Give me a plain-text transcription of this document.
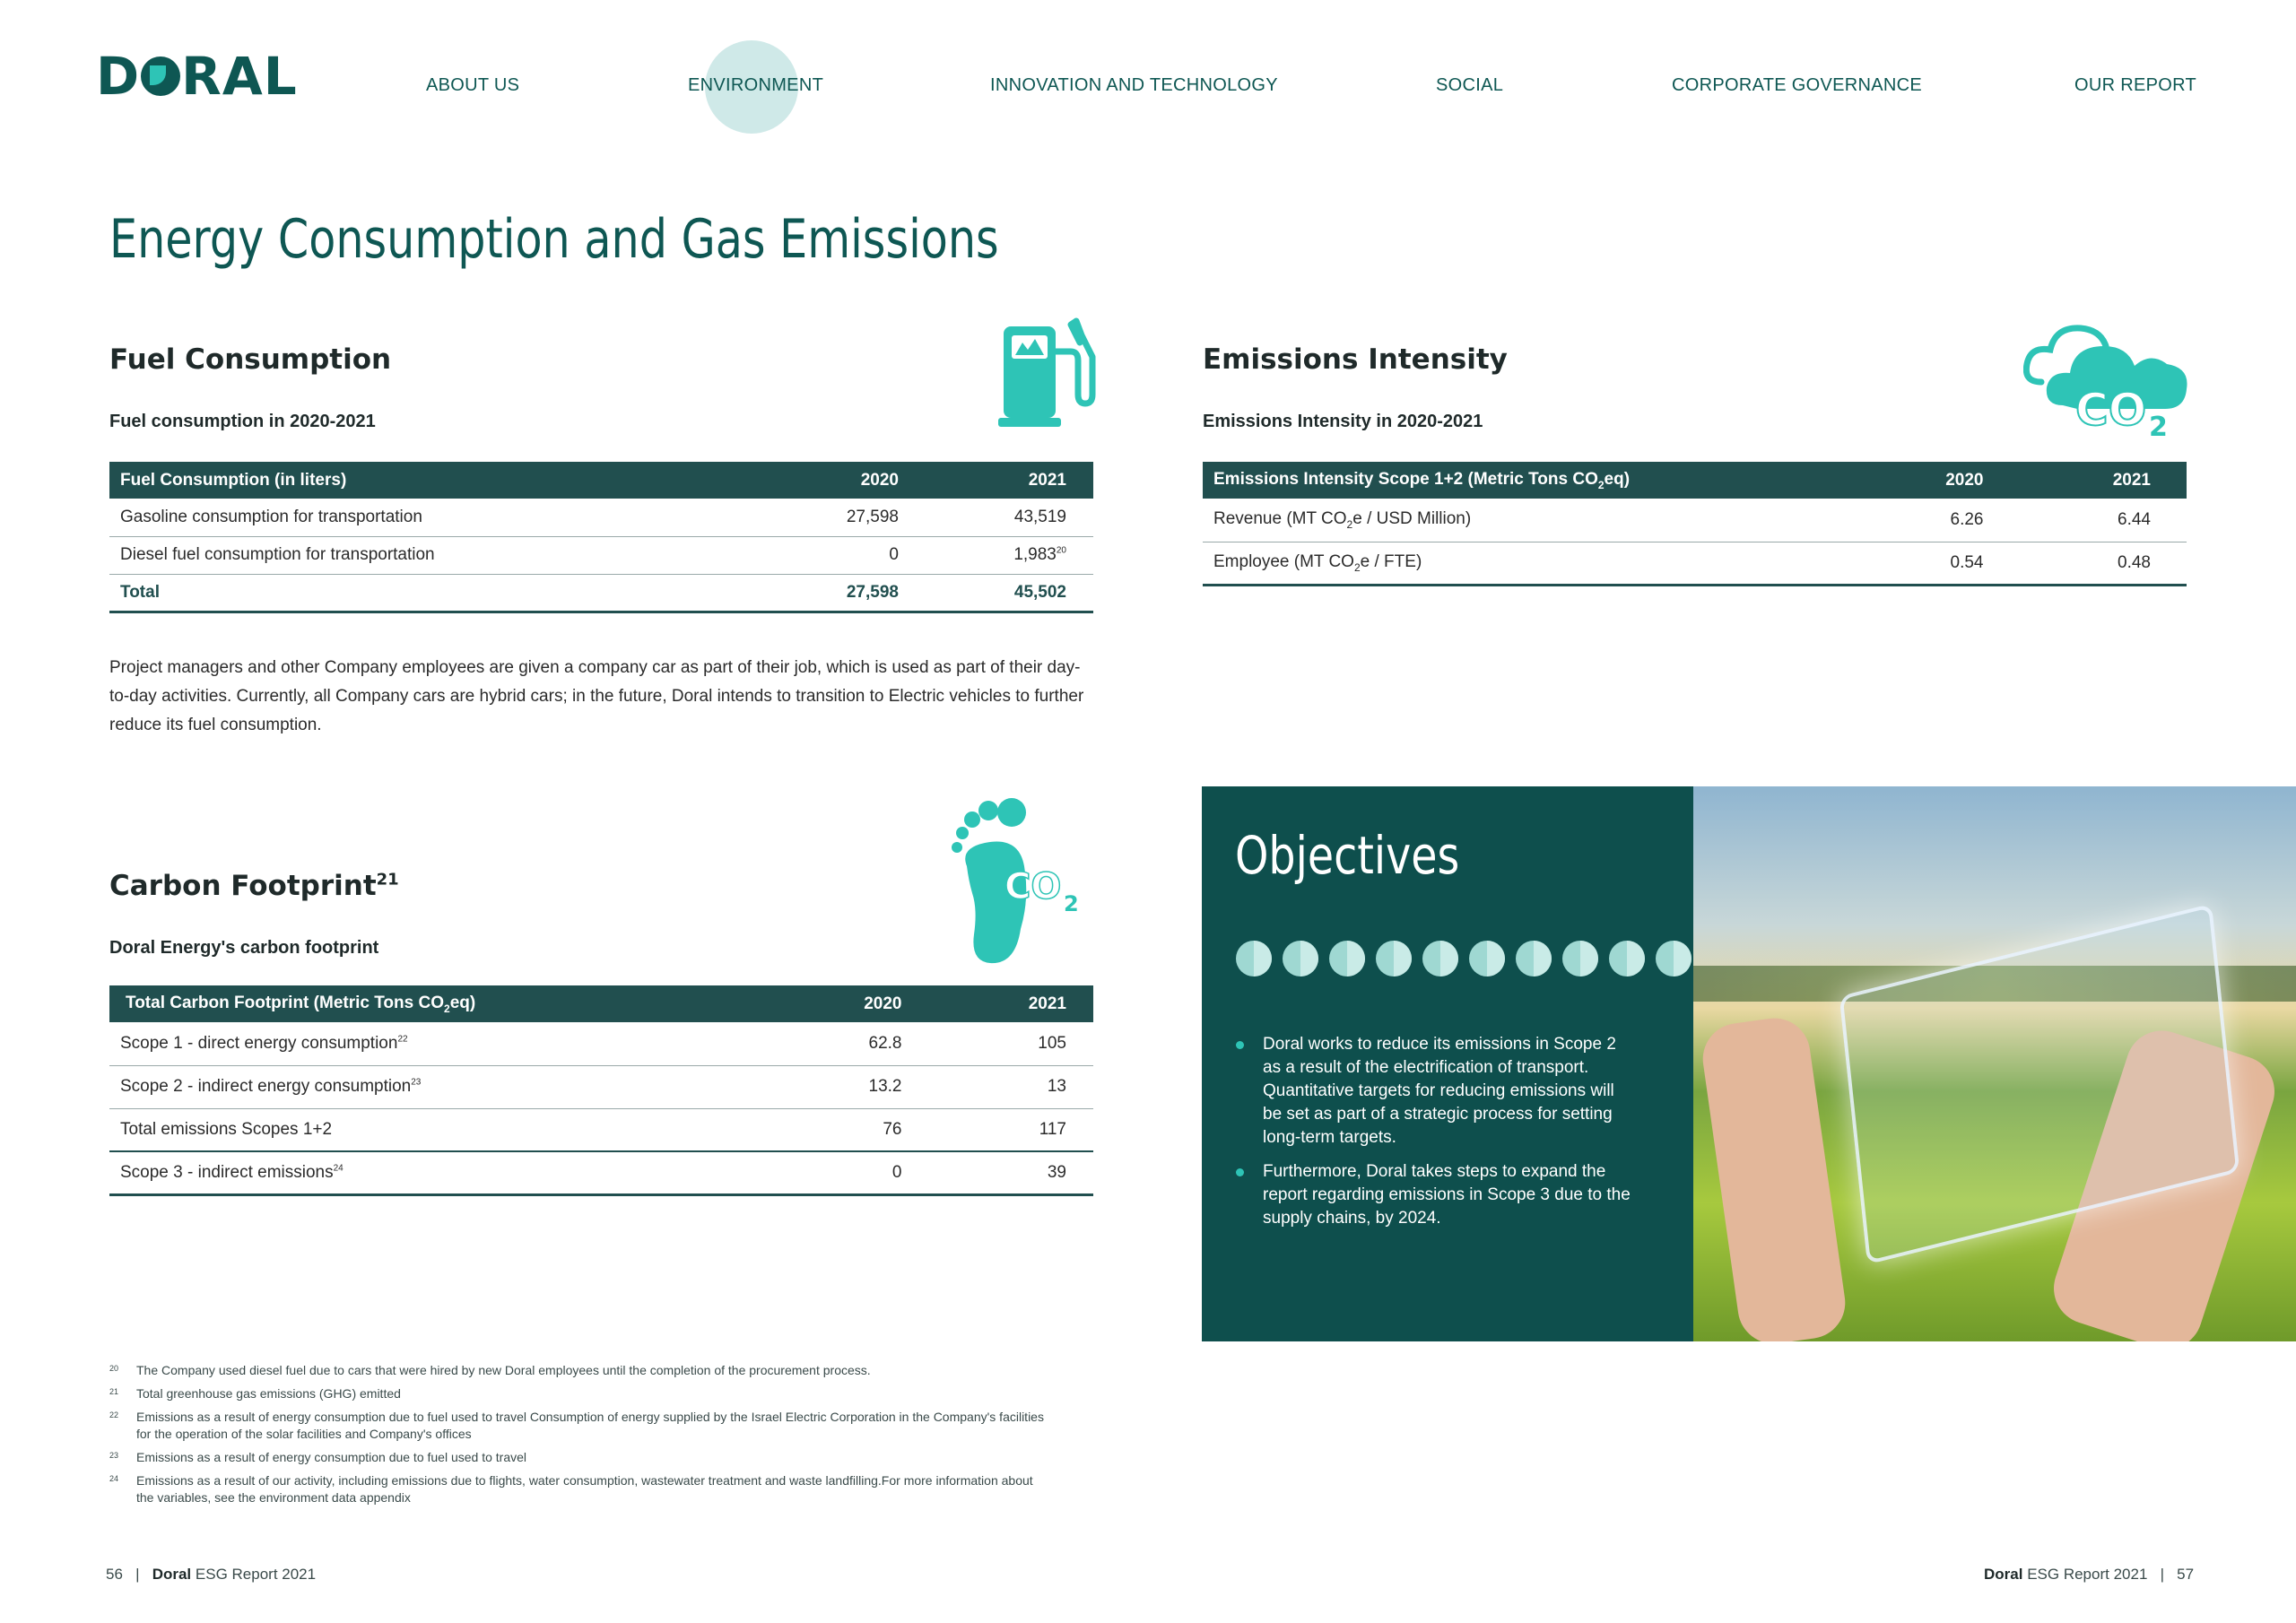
D RAL	ABOUT US	ENVIRONMENT	INNOVATION AND TECHNOLOGY	SOCIAL	CORPORATE GOVERNANCE	OUR REPORT
Energy Consumption and Gas Emissions
Fuel Consumption
Fuel consumption in 2020-2021
Fuel Consumption (in liters)	2020	2021
Gasoline consumption for transportation	27,598	43,519
Diesel fuel consumption for transportation	0	1,983$^{20}$
Total	27,598	45,502
Project managers and other Company employees are given a company car as part of their job, which is used as part of their day-to-day activities. Currently, all Company cars are hybrid cars; in the future, Doral intends to transition to Electric vehicles to further reduce its fuel consumption.
Emissions Intensity
Emissions Intensity in 2020-2021	CO 2
Emissions Intensity Scope 1+2 (Metric Tons $CO_2eq$)	2020	2021
Revenue (MT $CO_2e$ / USD Million)	6.26	6.44
Employee (MT $CO_2e / FTE$)	0.54	0.48
Carbon Footprint$^{21}$
Doral Energy's carbon footprint
CO 2
Total Carbon Footprint (Metric Tons $CO_2eq$)	2020	2021
Scope 1 - direct energy consumption$^{22}$	62.8	105
Scope 2 - indirect energy consumption$^{23}$	13.2	13
Total emissions Scopes 1+2	76	117
Scope 3 - indirect emissions$^{24}$	0	39
Objectives
Doral works to reduce its emissions in Scope 2 as a result of the electrification of transport. Quantitative targets for reducing emissions will be set as part of a strategic process for setting long-term targets.
Furthermore, Doral takes steps to expand the report regarding emissions in Scope 3 due to the supply chains, by 2024.
20 The Company used diesel fuel due to cars that were hired by new Doral employees until the completion of the procurement process.
21 Total greenhouse gas emissions (GHG) emitted
22 Emissions as a result of energy consumption due to fuel used to travel Consumption of energy supplied by the Israel Electric Corporation in the Company's facilities for the operation of the solar facilities and Company's offices
23 Emissions as a result of energy consumption due to fuel used to travel
24 Emissions as a result of our activity, including emissions due to flights, water consumption, wastewater treatment and waste landfilling.For more information about the variables, see the environment data appendix
56 | Doral ESG Report 2021	Doral ESG Report 2021 | 57
